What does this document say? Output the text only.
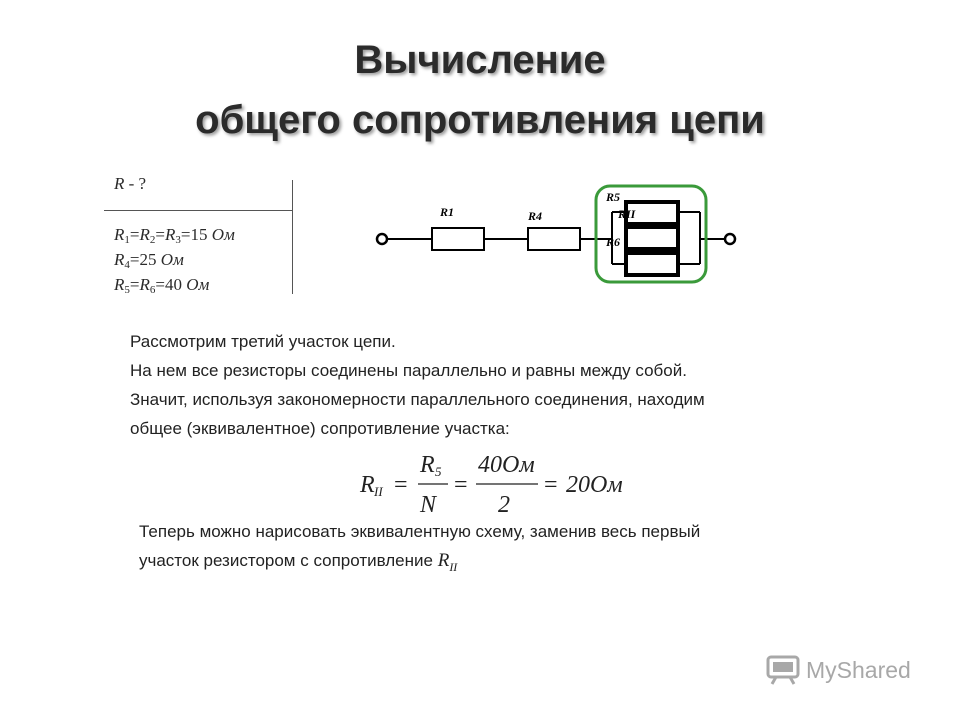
Вычисление
общего сопротивления цепи
R - ?
$R_1=R_2=R_3=15$ Ом
$R_4=25$ Ом
$R_5=R_6=40$ Ом
R1	R4
R5
RII
R6
Рассмотрим третий участок цепи.
На нем все резисторы соединены параллельно и равны между собой.
Значит, используя закономерности параллельного соединения, находим
общее (эквивалентное) сопротивление участка:
R II =
R 5
N
=
40Ом
2
= 20Ом
Теперь можно нарисовать эквивалентную схему, заменив весь первый
участок резистором с сопротивление $R_{II}$
MyShared
